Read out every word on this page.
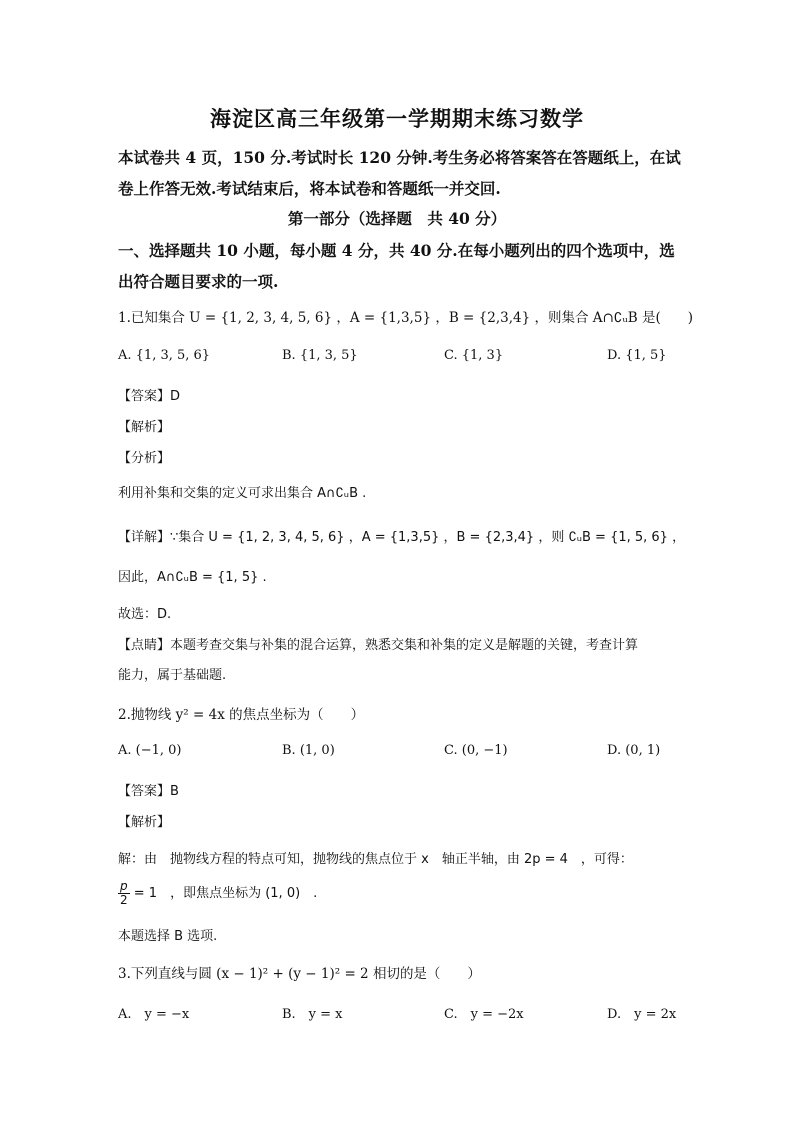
海淀区高三年级第一学期期末练习数学
本试卷共 4 页，150 分.考试时长 120 分钟.考生务必将答案答在答题纸上，在试
卷上作答无效.考试结束后，将本试卷和答题纸一并交回.
第一部分（选择题　共 40 分）
一、选择题共 10 小题，每小题 4 分，共 40 分.在每小题列出的四个选项中，选
出符合题目要求的一项.
1.已知集合 U = {1, 2, 3, 4, 5, 6} ，A = {1,3,5} ，B = {2,3,4} ，则集合 A∩∁ᵤB 是(　　)
A. {1, 3, 5, 6}	B. {1, 3, 5}	C. {1, 3}	D. {1, 5}
【答案】D
【解析】
【分析】
利用补集和交集的定义可求出集合 A∩∁ᵤB .
【详解】∵集合 U = {1, 2, 3, 4, 5, 6} ，A = {1,3,5} ，B = {2,3,4} ，则 ∁ᵤB = {1, 5, 6} ，
因此，A∩∁ᵤB = {1, 5} .
故选：D.
【点睛】本题考查交集与补集的混合运算，熟悉交集和补集的定义是解题的关键，考查计算
能力，属于基础题.
2.抛物线 y² = 4x 的焦点坐标为（　　）
A. (−1, 0)	B. (1, 0)	C. (0, −1)	D. (0, 1)
【答案】B
【解析】
解：由　抛物线方程的特点可知，抛物线的焦点位于 x　轴正半轴，由 2p = 4　，可得：
$\frac{p}{2} = 1$　，即焦点坐标为 (1, 0)　.
本题选择 B 选项.
3.下列直线与圆 (x − 1)² + (y − 1)² = 2 相切的是（　　）
A.　y = −x	B.　y = x	C.　y = −2x	D.　y = 2x
